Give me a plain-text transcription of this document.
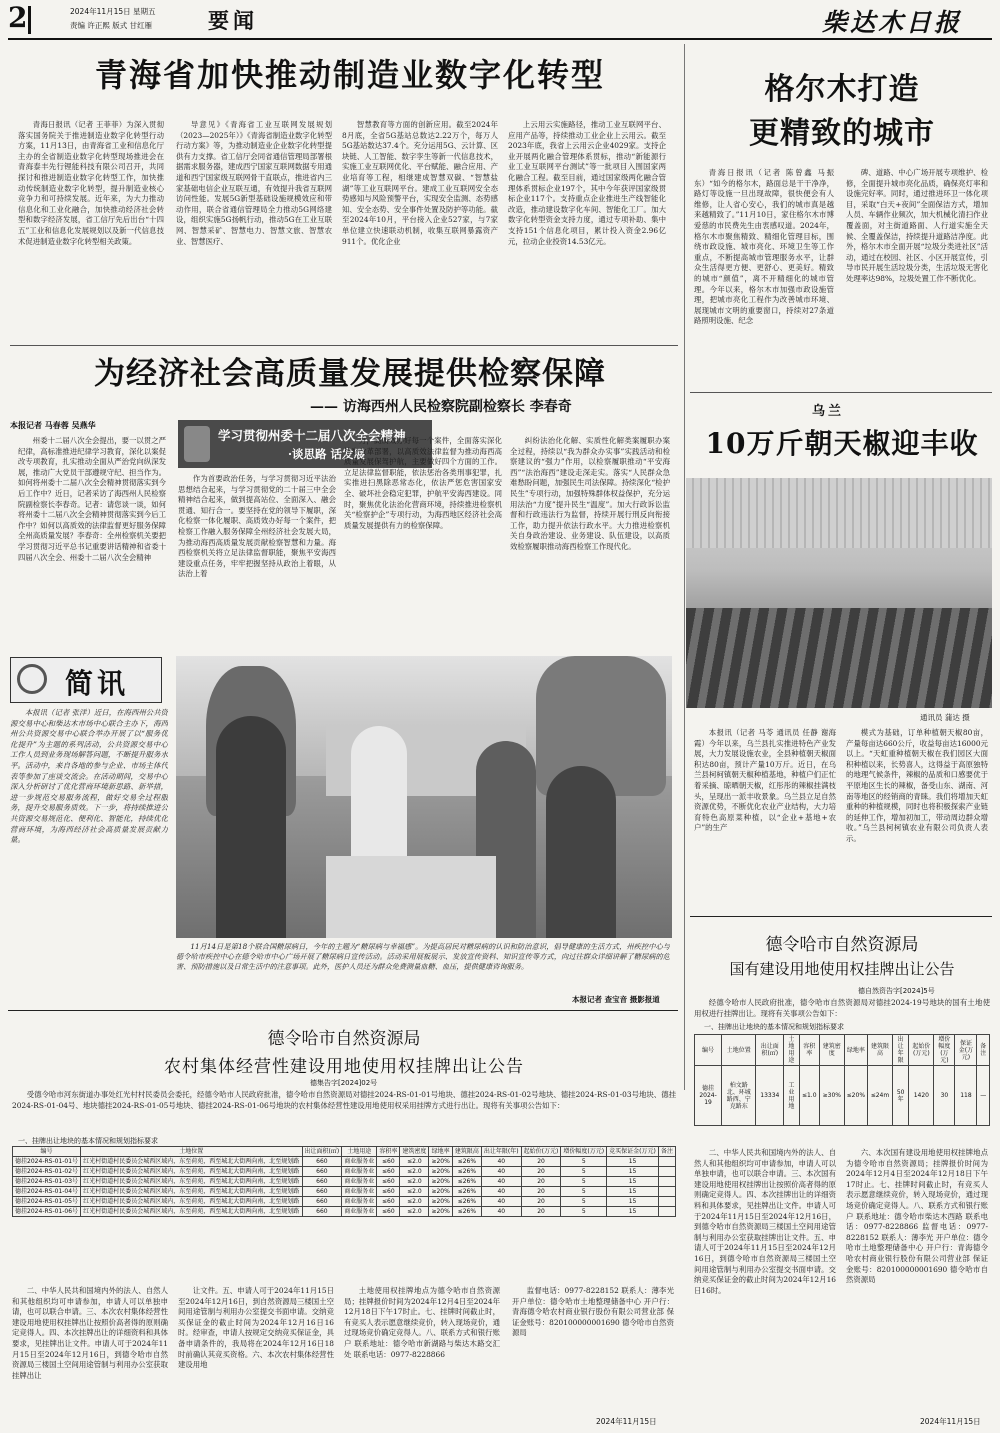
2	2024年11月15日 星期五
责编 许正熙 版式 甘红雁	要闻	柴达木日报
青海省加快推动制造业数字化转型

青海日报讯（记者 王菲菲）为深入贯彻落实国务院关于推进制造业数字化转型行动方案，11月13日，由青海省工业和信息化厅主办的全省制造业数字化转型现场推进会在青海泰丰先行锂能科技有限公司召开，共同探讨和推进制造业数字化转型工作，加快推动传统制造业数字化转型，提升制造业核心竞争力和可持续发展。近年来，为大力推动信息化和工业化融合，加快推动经济社会转型和数字经济发展，省工信厅先后出台“十四五”工业和信息化发展规划以及新一代信息技术促进制造业数字化转型相关政策。

导意见》《青海省工业互联网发展规划（2023—2025年）》《青海省制造业数字化转型行动方案》等，为推动制造业企业数字化转型提供有力支撑。省工信厅会同省通信管理局部署根据需求服务器，建成西宁国家互联网数据专用通道和西宁国家级互联网骨干直联点，推进省内三家基础电信企业互联互通，有效提升我省互联网访问性能。发展5G新型基础设施规模效应和带动作用，联合省通信管理局全力推动5G网络建设，组织实施5G扬帆行动，推动5G在工业互联网、智慧采矿、智慧电力、智慧文旅、智慧农业、智慧医疗、

智慧教育等方面的创新应用。截至2024年8月底，全省5G基站总数达2.22万个，每万人5G基站数达37.4个。充分运用5G、云计算、区块链、人工智能、数字孪生等新一代信息技术，实施工业互联网优化、平台赋能、融合应用、产业培育等工程，相继建成智慧双碳、“智慧盐湖”等工业互联网平台。建成工业互联网安全态势感知与风险预警平台，实现安全监测、态势感知、安全态势、安全事件处置及防护等功能。截至2024年10月，平台接入企业527家，与7家单位建立快速联动机制，收集互联网暴露资产911个。优化企业

上云用云实施路径，推动工业互联网平台、应用产品等，持续推动工业企业上云用云。截至2023年底，我省上云用云企业4029家。支持企业开展两化融合管理体系贯标，推动“新能源行业工业互联网平台测试”等一批项目入围国家两化融合工程。截至目前，通过国家级两化融合管理体系贯标企业197个，其中今年获评国家级贯标企业117个。支持重点企业推进生产线智能化改造，推动建设数字化车间、智能化工厂。加大数字化转型资金支持力度，通过专项补助、集中支持151个信息化项目，累计投入资金2.96亿元，拉动企业投资14.53亿元。

格尔木打造
更精致的城市

青海日报讯（记者 陈曾鑫 马振东）“如今的格尔木，路面总是干干净净，路灯等设施一旦出现故障，很快便会有人维修，让人省心安心，我们的城市真是越来越精致了。”11月10日，家住格尔木市博爱慈的市民费先生由衷感叹道。2024年，格尔木市聚焦精致、精细化管理目标，围绕市政设施、城市亮化、环境卫生等工作重点，不断提高城市管理服务水平，让群众生活得更方便、更舒心、更美好。精致的城市“颜值”，离不开精细化的城市管理。今年以来，格尔木市加强市政设施管理，把城市亮化工程作为改善城市环境、展现城市文明的重要窗口，持续对27条道路照明设施、纪念

碑、道路、中心广场开展专项维护、检修，全面提升城市亮化品质，确保亮灯率和设施完好率。同时，通过推进环卫一体化项目，采取“白天+夜间”全面保洁方式，增加人员、车辆作业频次，加大机械化清扫作业覆盖面，对主街道路面、人行道实施全天候、全覆盖保洁，持续提升道路洁净度。此外，格尔木市全面开展“垃圾分类进社区”活动，通过在校园、社区、小区开展宣传，引导市民开展生活垃圾分类，生活垃圾无害化处理率达98%，垃圾处置工作不断优化。

为经济社会高质量发展提供检察保障
—— 访海西州人民检察院副检察长 李春奇
本报记者 马春蓉 吴燕华
学习贯彻州委十二届八次全会精神
·谈思路 话发展

州委十二届八次全会提出，要一以贯之严纪律，高标准推进纪律学习教育，深化以案促改专项教育，扎实推动全面从严治党向纵深发展，推动广大党员干部遵规守纪、担当作为。如何将州委十二届八次全会精神贯彻落实到今后工作中？近日，记者采访了海西州人民检察院副检察长李春奇。记者：请您谈一谈，如何将州委十二届八次全会精神贯彻落实到今后工作中？如何以高质效的法律监督更好服务保障全州高质量发展？李春奇：全州检察机关要把学习贯彻习近平总书记重要讲话精神和省委十四届八次全会、州委十二届八次全会精神

作为首要政治任务，与学习贯彻习近平法治思想结合起来，与学习贯彻党的二十届三中全会精神结合起来，做到提高站位、全面深入、融会贯通、知行合一。要坚持在党的领导下履职，深化检察一体化履职、高质效办好每一个案件，把检察工作融入服务保障全州经济社会发展大局，为推动海西高质量发展贡献检察智慧和力量。海西检察机关将立足法律监督职能，聚焦平安海西建设重点任务，牢牢把握坚持从政治上着眼，从法治上着

力，高质效办好每一个案件，全面落实深化检察改革部署，以高质效法律监督为推动海西高质量发展保驾护航，主要做好四个方面的工作。立足法律监督职能，依法惩治各类刑事犯罪，扎实推进扫黑除恶常态化，依法严惩危害国家安全、破坏社会稳定犯罪，护航平安海西建设。同时，聚焦优化法治化营商环境，持续推进检察机关“检察护企”专项行动，为海西地区经济社会高质量发展提供有力的检察保障。

纠纷法治化化解、实质性化解类案履职办案全过程，持续以“我为群众办实事”实践活动和检察建议的“强力”作用，以检察履职推动“平安海西”“法治海西”建设走深走实。落实“人民群众急难愁盼问题，加强民生司法保障。持续深化“检护民生”专项行动，加强特殊群体权益保护，充分运用法治“力度”提升民生“温度”。加大行政诉讼监督和行政违法行为监督，持续开展行刑反向衔接工作，助力提升依法行政水平。大力推进检察机关自身政治建设、业务建设、队伍建设，以高质效检察履职推动海西检察工作现代化。

简讯

本报讯（记者 张洋）近日，在海西州公共资源交易中心和柴达木市场中心联合主办下，海西州公共资源交易中心联合举办开展了以“服务优化提升”为主题的系列活动，公共资源交易中心工作人员到业务现场解答问题，不断提升服务水平。活动中，来自各地的参与企业、市场主体代表等参加了座谈交流会。在活动期间，交易中心深入分析研讨了优化营商环境新思路、新举措，进一步规范交易服务流程，做好交易全过程服务，提升交易服务质效。下一步，将持续推进公共资源交易规范化、便利化、智能化，持续优化营商环境，为海西经济社会高质量发展贡献力量。

11月14日是第18个联合国糖尿病日，今年的主题为“糖尿病与幸福感”。为提高居民对糖尿病的认识和防治意识，倡导健康的生活方式，州疾控中心与德令哈市疾控中心在德令哈市中心广场开展了糖尿病日宣传活动。活动采用展板展示、发放宣传资料、知识宣传等方式，向过往群众详细讲解了糖尿病的危害、预防措施以及日常生活中的注意事项。此外，医护人员还为群众免费测量血糖、血压，提供健康咨询服务。

本报记者 查宝音 摄影报道
乌兰
10万斤朝天椒迎丰收
通讯员 蒲达 摄

本报讯（记者 马苓 通讯员 任静 谢海霞）今年以来，乌兰县扎实推进特色产业发展，大力发展设施农业，全县种植朝天椒面积达80亩，预计产量10万斤。近日，在乌兰县柯柯镇朝天椒种植基地，种植户们正忙着采摘、晾晒朝天椒，红彤彤的辣椒挂满枝头，呈现出一派丰收景象。乌兰县立足自然资源优势，不断优化农业产业结构，大力培育特色高原菜种植，以“企业+基地+农户”的生产

模式为基础，订单种植朝天椒80亩，产量每亩达660公斤，收益每亩达16000元以上。“天虹重种植朝天椒在我们园区大面积种植以来，长势喜人，这得益于高原独特的地理气候条件，辣椒的品质和口感要优于平原地区生长的辣椒，备受山东、湖南、河南等地区的经销商的青睐。我们将增加天虹重种的种植规模，同时也将积极探索产业链的延伸工作，增加初加工，带动周边群众增收。”乌兰县柯柯镇农业有限公司负责人表示。

德令哈市自然资源局
国有建设用地使用权挂牌出让公告
德自然资告字[2024]5号

经德令哈市人民政府批准，德令哈市自然资源局对德挂2024-19号地块的国有土地使用权进行挂牌出让。现将有关事项公告如下：

一、挂牌出让地块的基本情况和规划指标要求
编号	土地位置	出让面积(㎡)	土地用途	容积率	建筑密度	绿地率	建筑限高	出让年限	起始价(万元)	增价幅度(万元)	保证金(万元)	备注
德挂2024-19	柏文路北、环城路西、宁克路东	13334	工业用地	≤1.0	≥30%	≤20%	≤24m	50年	1420	30	118	—

二、中华人民共和国境内外的法人、自然人和其他组织均可申请参加，申请人可以单独申请，也可以联合申请。三、本次国有建设用地使用权挂牌出让按照价高者得的原则确定竞得人。四、本次挂牌出让的详细资料和具体要求，见挂牌出让文件。申请人可于2024年11月15日至2024年12月16日，到德令哈市自然资源局三楼国土空间用途管制与利用办公室获取挂牌出让文件。五、申请人可于2024年11月15日至2024年12月16日，到德令哈市自然资源局三楼国土空间用途管制与利用办公室提交书面申请。交纳竞买保证金的截止时间为2024年12月16日16时。

六、本次国有建设用地使用权挂牌地点为德令哈市自然资源局；挂牌报价时间为2024年12月4日至2024年12月18日下午17时止。七、挂牌时间截止时，有竞买人表示愿意继续竞价，转入现场竞价，通过现场竞价确定竞得人。八、联系方式和银行账户 联系地址：德令哈市柴达木西路 联系电话：0977-8228866 监督电话：0977-8228152 联系人：薄李光 开户单位：德令哈市土地整理储备中心 开户行：青海德令哈农村商业银行股份有限公司营业部 保证金账号：820100000001690 德令哈市自然资源局

2024年11月15日
德令哈市自然资源局
农村集体经营性建设用地使用权挂牌出让公告
德集告字[2024]02号

受德令哈市河东街道办事处红光村村民委员会委托，经德令哈市人民政府批准，德令哈市自然资源局对德挂2024-RS-01-01号地块、德挂2024-RS-01-02号地块、德挂2024-RS-01-03号地块、德挂2024-RS-01-04号、地块德挂2024-RS-01-05号地块、德挂2024-RS-01-06号地块的农村集体经营性建设用地使用权采用挂牌方式进行出让。现将有关事项公告如下：

一、挂牌出让地块的基本情况和规划指标要求
编号	土地位置	出让面积(㎡)	土地用途	容积率	建筑密度	绿地率	建筑限高	出让年限(年)	起始价(万元)	增价幅度(万元)	竞买保证金(万元)	备注
德挂2024-RS-01-01号	红光村街道村民委员会城西区域内，东至荷苑，西至城北大街两向南，北至规划路	660	商业服务业	≤60	≤2.0	≥20%	≤26%	40	20	5	15	
德挂2024-RS-01-02号	红光村街道村民委员会城西区域内，东至荷苑，西至城北大街两向南，北至规划路	660	商业服务业	≤60	≤2.0	≥20%	≤26%	40	20	5	15	
德挂2024-RS-01-03号	红光村街道村民委员会城西区域内，东至荷苑，西至城北大街两向南，北至规划路	660	商业服务业	≤60	≤2.0	≥20%	≤26%	40	20	5	15	
德挂2024-RS-01-04号	红光村街道村民委员会城西区域内，东至荷苑，西至城北大街两向南，北至规划路	660	商业服务业	≤60	≤2.0	≥20%	≤26%	40	20	5	15	
德挂2024-RS-01-05号	红光村街道村民委员会城西区域内，东至荷苑，西至城北大街两向南，北至规划路	660	商业服务业	≤60	≤2.0	≥20%	≤26%	40	20	5	15	
德挂2024-RS-01-06号	红光村街道村民委员会城西区域内，东至荷苑，西至城北大街两向南，北至规划路	660	商业服务业	≤60	≤2.0	≥20%	≤26%	40	20	5	15	

二、中华人民共和国境内外的法人、自然人和其他组织均可申请参加，申请人可以单独申请，也可以联合申请。三、本次农村集体经营性建设用地使用权挂牌出让按照价高者得的原则确定竞得人。四、本次挂牌出让的详细资料和具体要求，见挂牌出让文件。申请人可于2024年11月15日至2024年12月16日，到德令哈市自然资源局三楼国土空间用途管制与利用办公室获取挂牌出让

让文件。五、申请人可于2024年11月15日至2024年12月16日，到自然资源局三楼国土空间用途管制与利用办公室提交书面申请。交纳竞买保证金的截止时间为2024年12月16日16时。经审查，申请人按规定交纳竞买保证金，具备申请条件的，我局将在2024年12月16日18时前确认其竞买资格。六、本次农村集体经营性建设用地

土地使用权挂牌地点为德令哈市自然资源局；挂牌报价时间为2024年12月4日至2024年12月18日下午17时止。七、挂牌时间截止时，有竞买人表示愿意继续竞价，转入现场竞价，通过现场竞价确定竞得人。八、联系方式和银行账户 联系地址：德令哈市新湖路与柴达木路交汇处 联系电话：0977-8228866

监督电话：0977-8228152 联系人：薄李光 开户单位：德令哈市土地整理储备中心 开户行：青海德令哈农村商业银行股份有限公司营业部 保证金账号：820100000001690 德令哈市自然资源局

2024年11月15日
